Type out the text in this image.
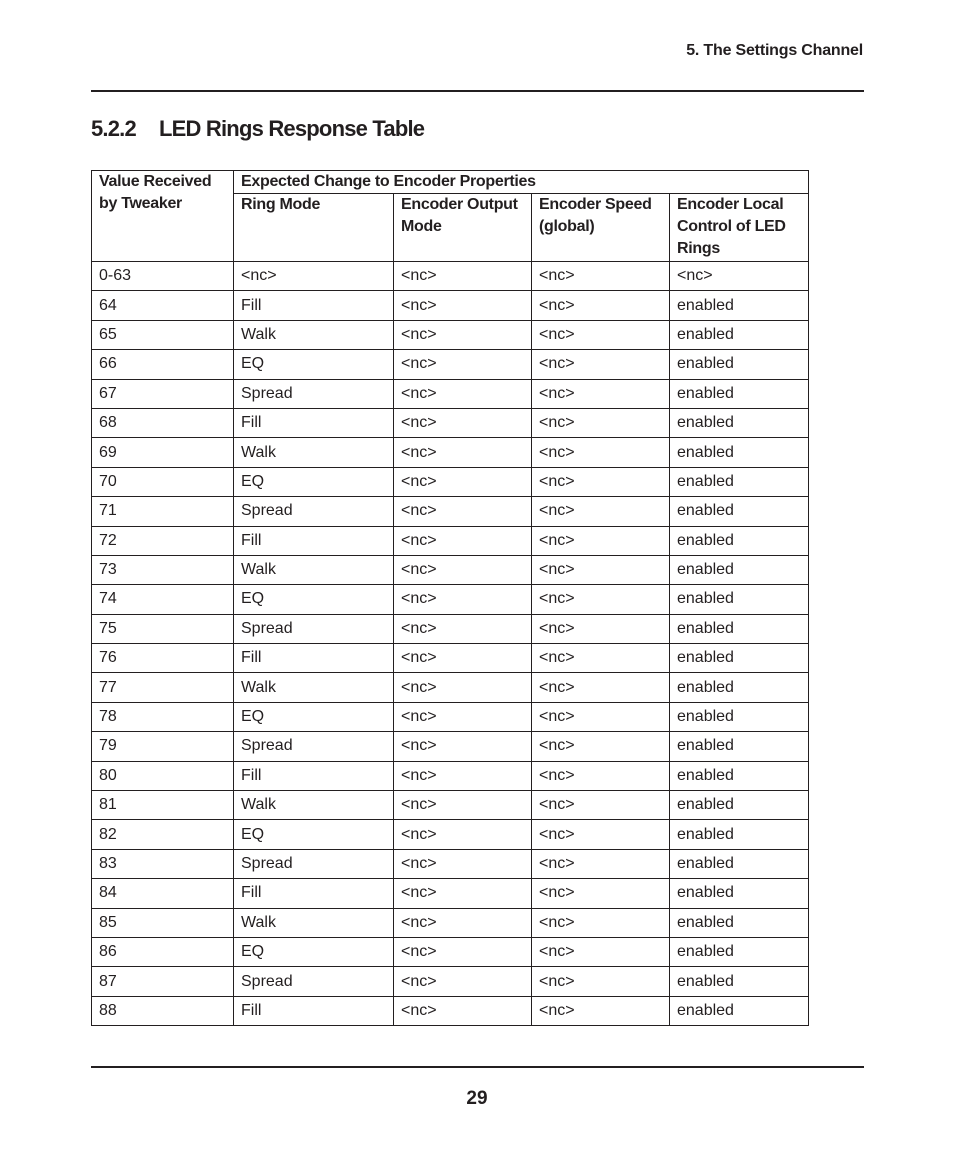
5. The Settings Channel
5.2.2 LED Rings Response Table
Value Received by Tweaker	Expected Change to Encoder Properties			
	Ring Mode	Encoder Output Mode	Encoder Speed (global)	Encoder Local Control of LED Rings
0-63	<nc>	<nc>	<nc>	<nc>
64	Fill	<nc>	<nc>	enabled
65	Walk	<nc>	<nc>	enabled
66	EQ	<nc>	<nc>	enabled
67	Spread	<nc>	<nc>	enabled
68	Fill	<nc>	<nc>	enabled
69	Walk	<nc>	<nc>	enabled
70	EQ	<nc>	<nc>	enabled
71	Spread	<nc>	<nc>	enabled
72	Fill	<nc>	<nc>	enabled
73	Walk	<nc>	<nc>	enabled
74	EQ	<nc>	<nc>	enabled
75	Spread	<nc>	<nc>	enabled
76	Fill	<nc>	<nc>	enabled
77	Walk	<nc>	<nc>	enabled
78	EQ	<nc>	<nc>	enabled
79	Spread	<nc>	<nc>	enabled
80	Fill	<nc>	<nc>	enabled
81	Walk	<nc>	<nc>	enabled
82	EQ	<nc>	<nc>	enabled
83	Spread	<nc>	<nc>	enabled
84	Fill	<nc>	<nc>	enabled
85	Walk	<nc>	<nc>	enabled
86	EQ	<nc>	<nc>	enabled
87	Spread	<nc>	<nc>	enabled
88	Fill	<nc>	<nc>	enabled
29
